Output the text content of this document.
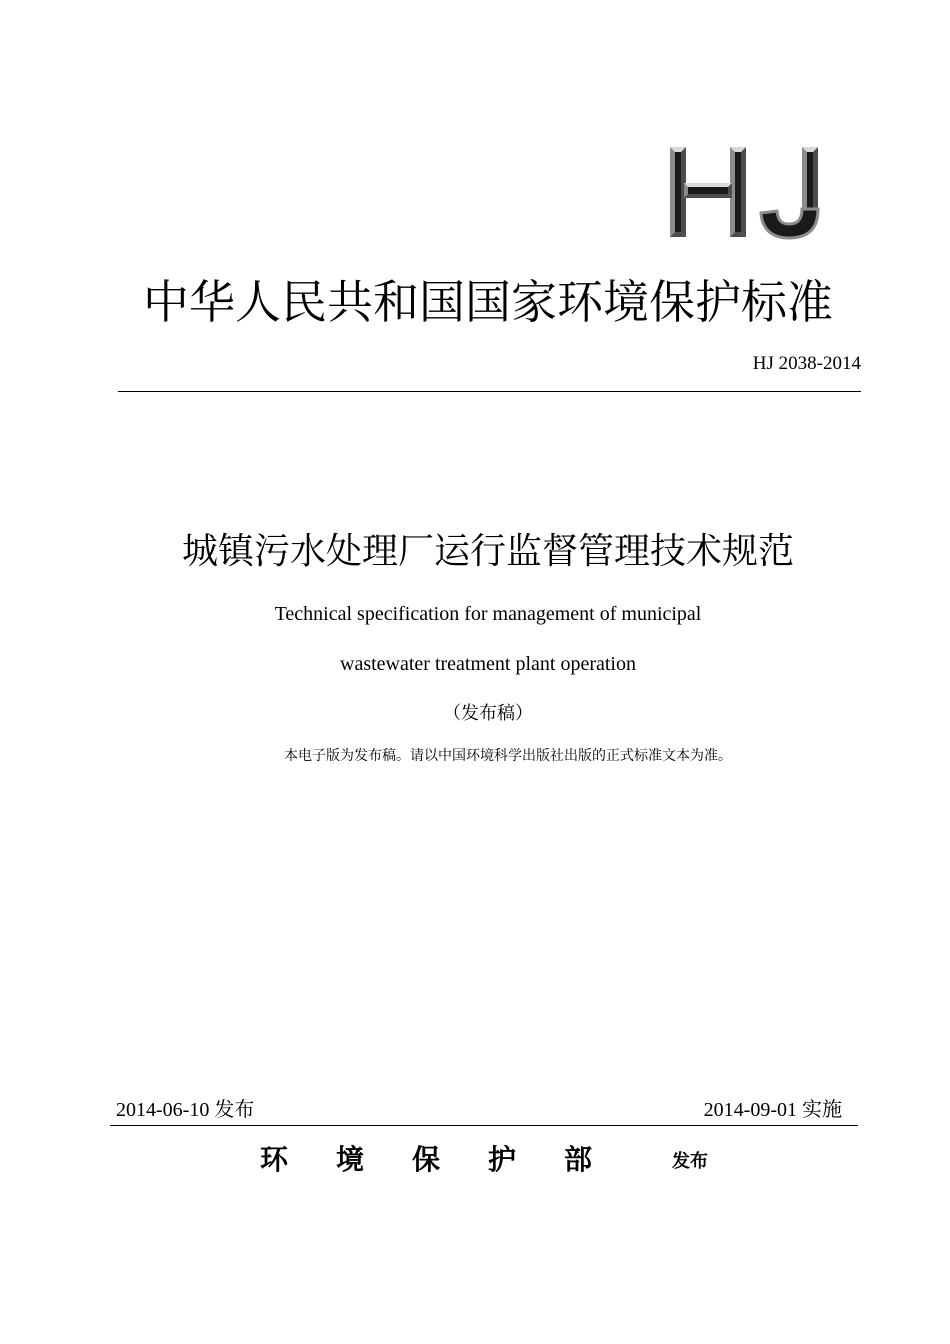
中华人民共和国国家环境保护标准
HJ 2038-2014
城镇污水处理厂运行监督管理技术规范
Technical specification for management of municipal
wastewater treatment plant operation
（发布稿）
本电子版为发布稿。请以中国环境科学出版社出版的正式标准文本为准。
2014-06-10 发布	2014-09-01 实施
环境保护部 发布
